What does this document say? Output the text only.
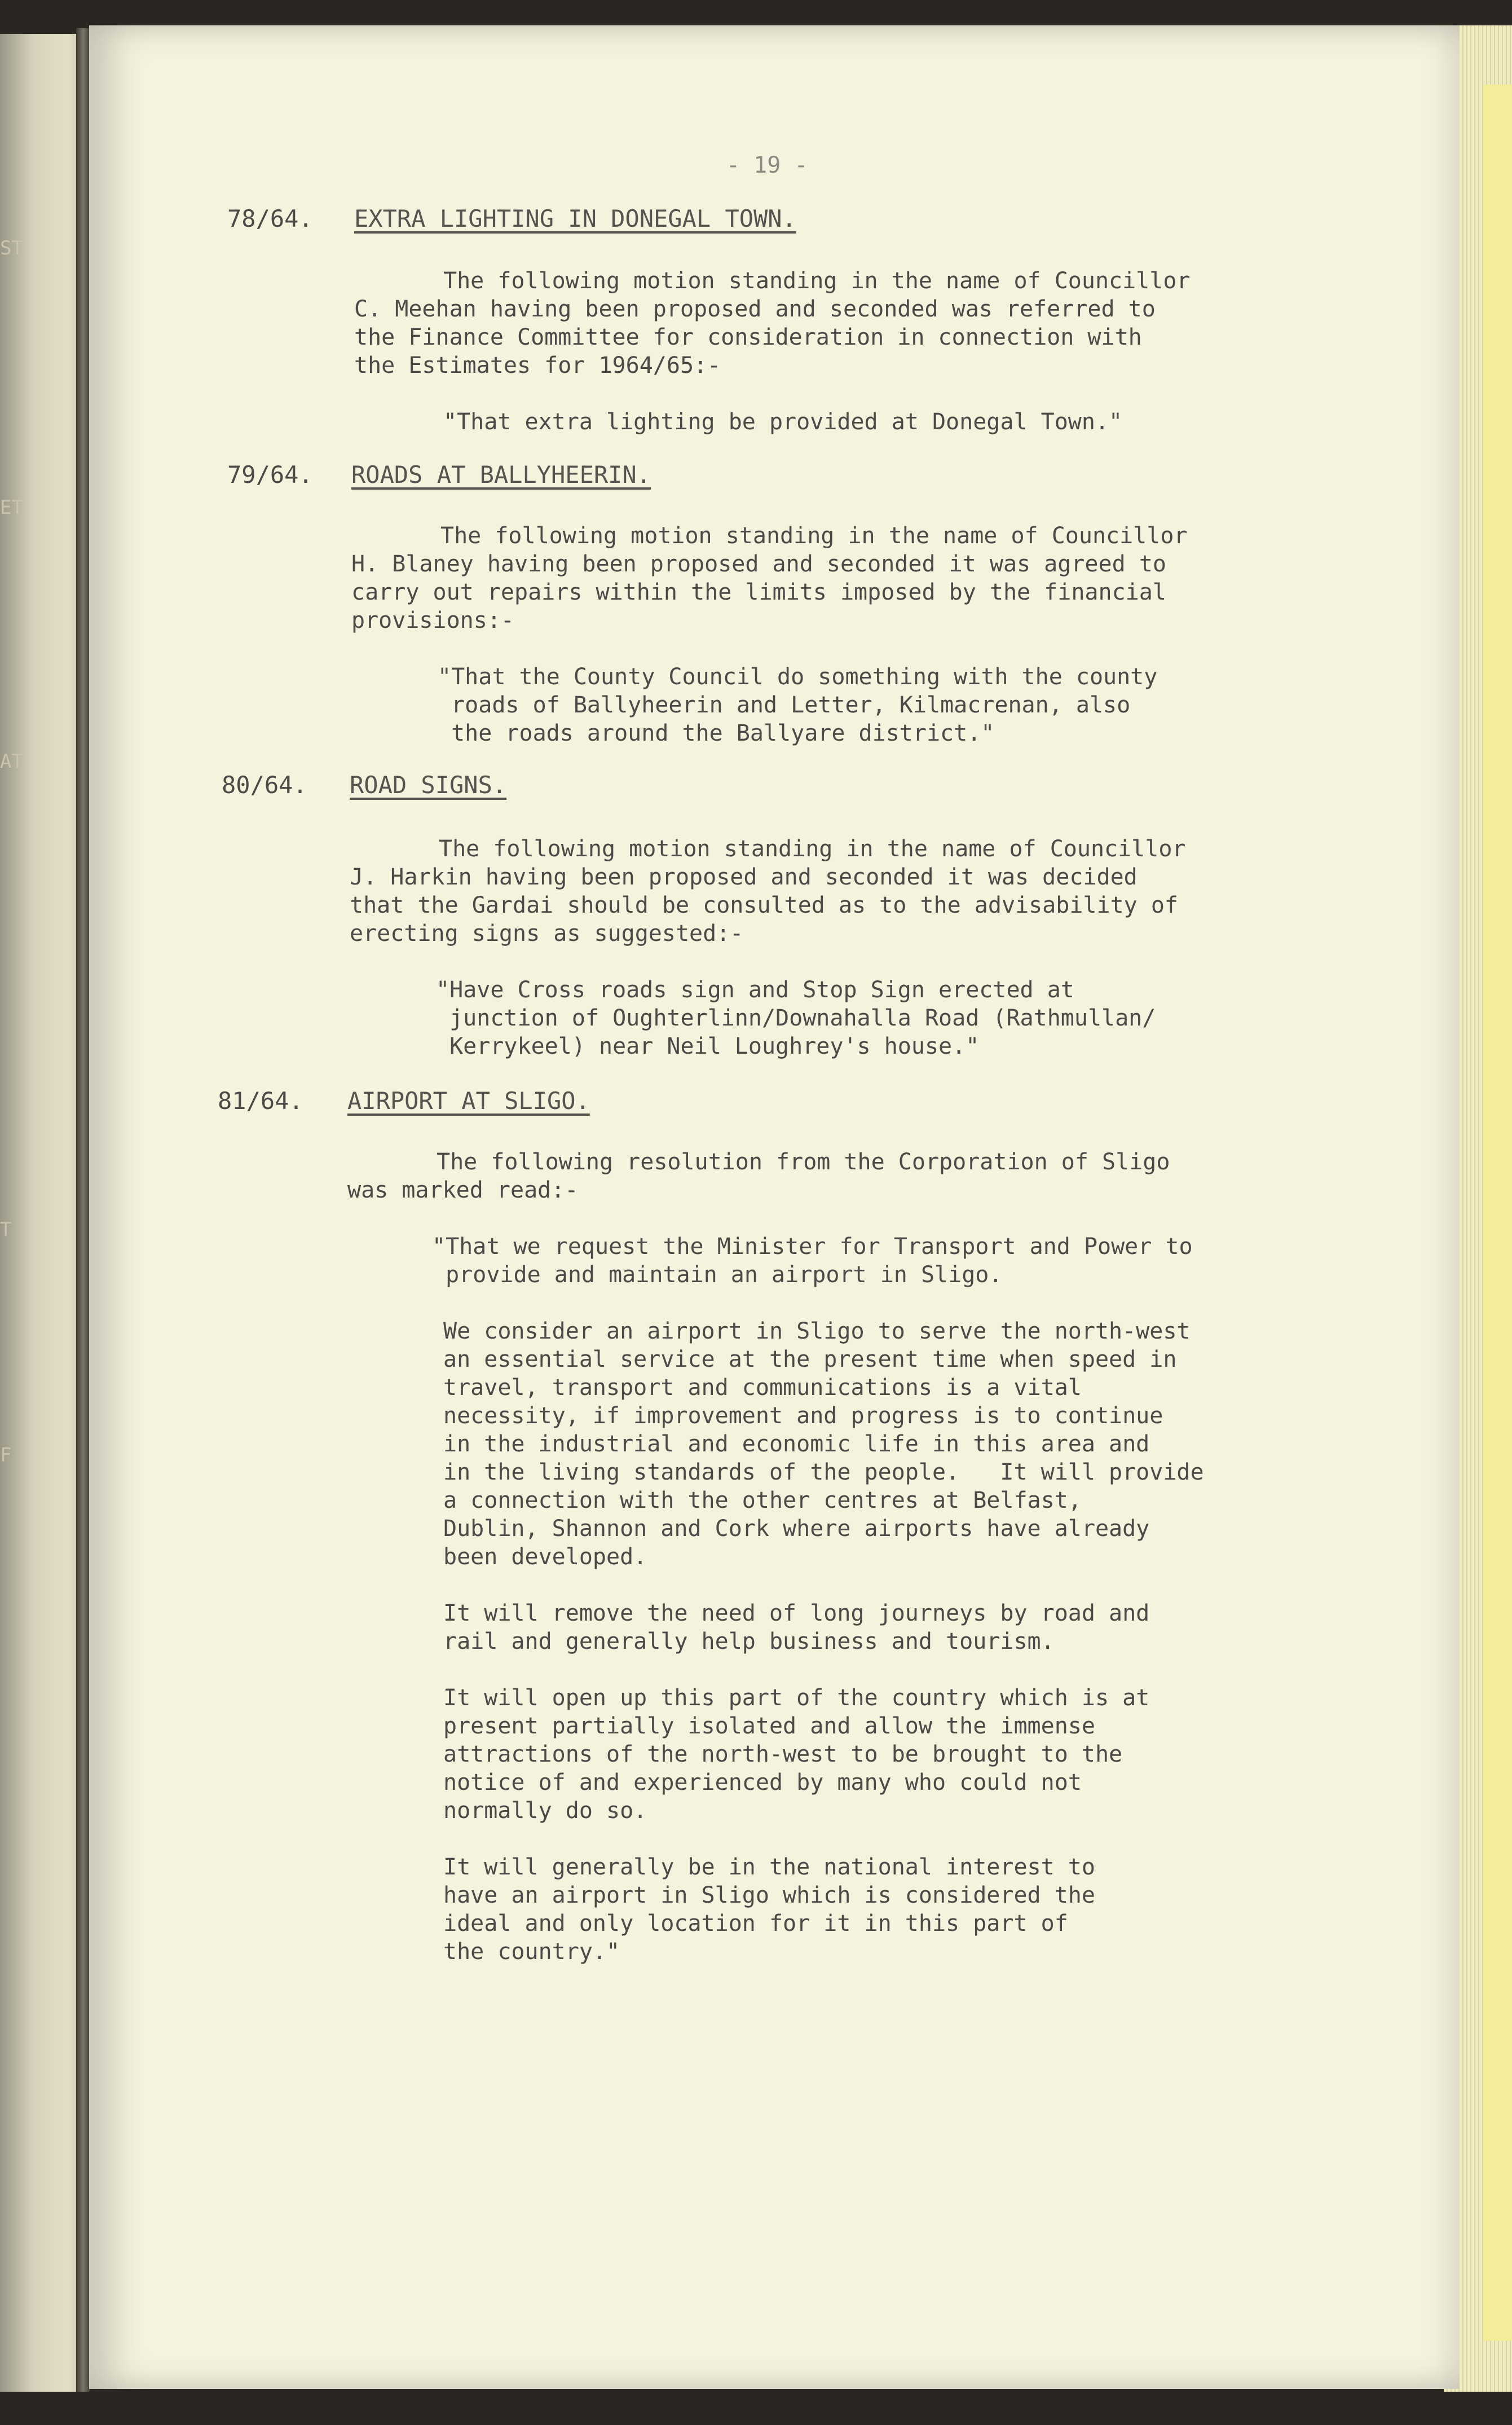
ST
ET
AT
T
F
- 19 -
78/64. EXTRA LIGHTING IN DONEGAL TOWN.
The following motion standing in the name of Councillor
C. Meehan having been proposed and seconded was referred to
the Finance Committee for consideration in connection with
the Estimates for 1964/65:-
"That extra lighting be provided at Donegal Town."
79/64. ROADS AT BALLYHEERIN.
The following motion standing in the name of Councillor
H. Blaney having been proposed and seconded it was agreed to
carry out repairs within the limits imposed by the financial
provisions:-
"That the County Council do something with the county
roads of Ballyheerin and Letter, Kilmacrenan, also
the roads around the Ballyare district."
80/64. ROAD SIGNS.
The following motion standing in the name of Councillor
J. Harkin having been proposed and seconded it was decided
that the Gardai should be consulted as to the advisability of
erecting signs as suggested:-
"Have Cross roads sign and Stop Sign erected at
junction of Oughterlinn/Downahalla Road (Rathmullan/
Kerrykeel) near Neil Loughrey's house."
81/64. AIRPORT AT SLIGO.
The following resolution from the Corporation of Sligo
was marked read:-
"That we request the Minister for Transport and Power to
provide and maintain an airport in Sligo.
We consider an airport in Sligo to serve the north-west
an essential service at the present time when speed in
travel, transport and communications is a vital
necessity, if improvement and progress is to continue
in the industrial and economic life in this area and
in the living standards of the people.   It will provide
a connection with the other centres at Belfast,
Dublin, Shannon and Cork where airports have already
been developed.
It will remove the need of long journeys by road and
rail and generally help business and tourism.
It will open up this part of the country which is at
present partially isolated and allow the immense
attractions of the north-west to be brought to the
notice of and experienced by many who could not
normally do so.
It will generally be in the national interest to
have an airport in Sligo which is considered the
ideal and only location for it in this part of
the country."
